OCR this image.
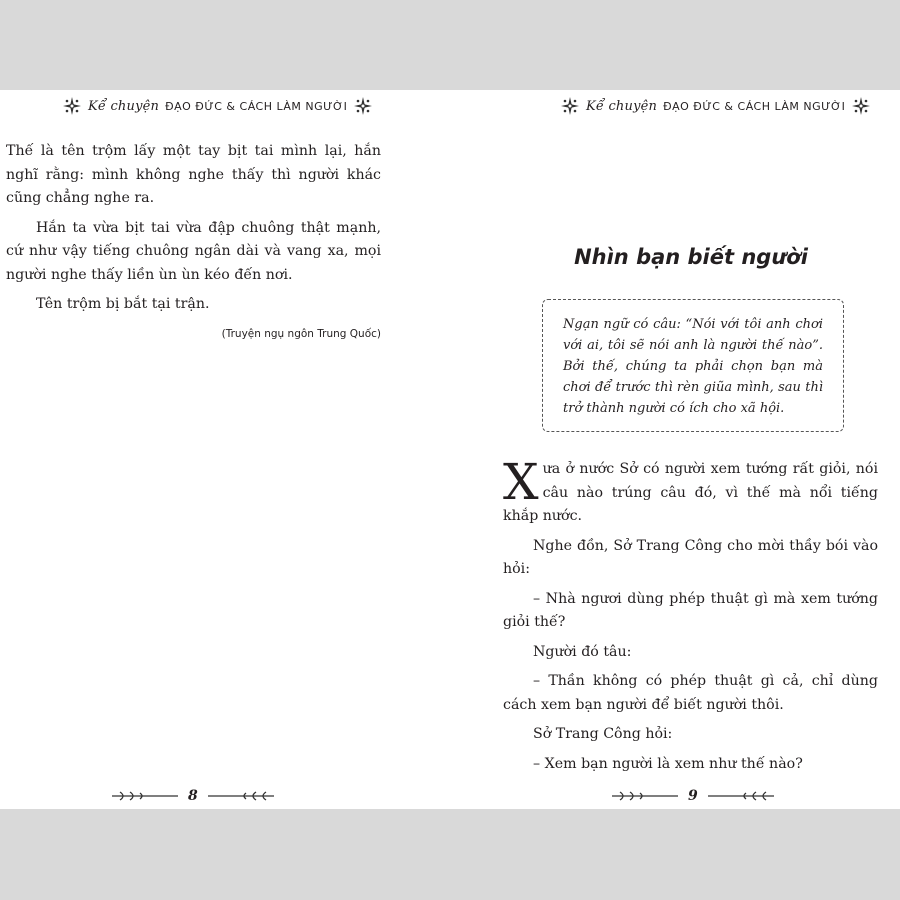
Kể chuyện ĐẠO ĐỨC & CÁCH LÀM NGƯỜI

Thế là tên trộm lấy một tay bịt tai mình lại, hắn nghĩ rằng: mình không nghe thấy thì người khác cũng chẳng nghe ra.

Hắn ta vừa bịt tai vừa đập chuông thật mạnh, cứ như vậy tiếng chuông ngân dài và vang xa, mọi người nghe thấy liền ùn ùn kéo đến nơi.

Tên trộm bị bắt tại trận.

(Truyện ngụ ngôn Trung Quốc)
8
Kể chuyện ĐẠO ĐỨC & CÁCH LÀM NGƯỜI
Nhìn bạn biết người
Ngạn ngữ có câu: “Nói với tôi anh chơi với ai, tôi sẽ nói anh là người thế nào”. Bởi thế, chúng ta phải chọn bạn mà chơi để trước thì rèn giũa mình, sau thì trở thành người có ích cho xã hội.

Xưa ở nước Sở có người xem tướng rất giỏi, nói câu nào trúng câu đó, vì thế mà nổi tiếng khắp nước.

Nghe đồn, Sở Trang Công cho mời thầy bói vào hỏi:

– Nhà ngươi dùng phép thuật gì mà xem tướng giỏi thế?

Người đó tâu:

– Thần không có phép thuật gì cả, chỉ dùng cách xem bạn người để biết người thôi.

Sở Trang Công hỏi:

– Xem bạn người là xem như thế nào?

9
